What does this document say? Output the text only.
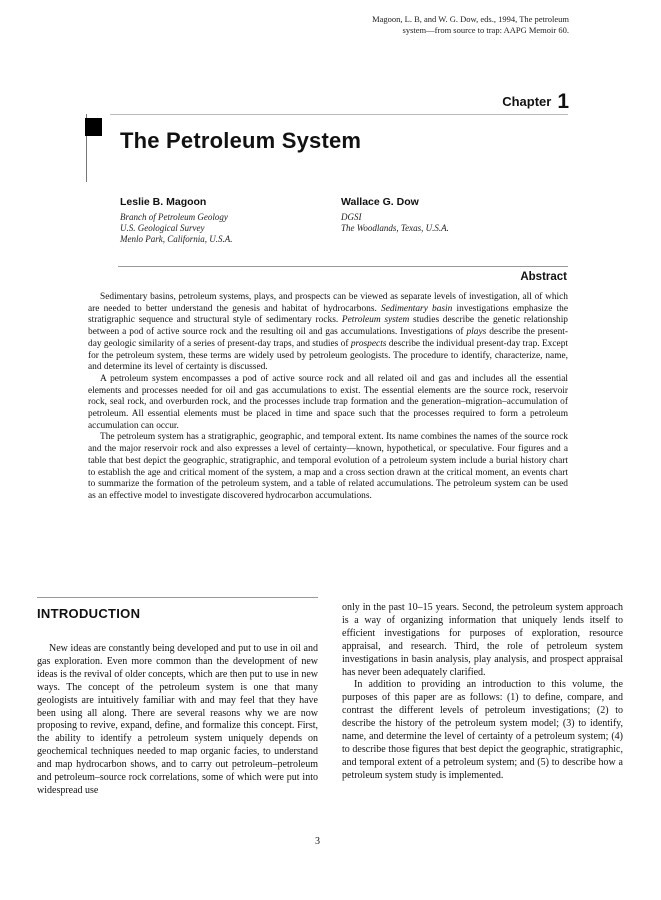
Magoon, L. B, and W. G. Dow, eds., 1994, The petroleum
system—from source to trap: AAPG Memoir 60.
Chapter 1
The Petroleum System
Leslie B. Magoon
Branch of Petroleum Geology
U.S. Geological Survey
Menlo Park, California, U.S.A.
Wallace G. Dow
DGSI
The Woodlands, Texas, U.S.A.
Abstract

Sedimentary basins, petroleum systems, plays, and prospects can be viewed as separate levels of investigation, all of which are needed to better understand the genesis and habitat of hydrocarbons. Sedimentary basin investigations emphasize the stratigraphic sequence and structural style of sedimentary rocks. Petroleum system studies describe the genetic relationship between a pod of active source rock and the resulting oil and gas accumulations. Investigations of plays describe the present-day geologic similarity of a series of present-day traps, and studies of prospects describe the individual present-day trap. Except for the petroleum system, these terms are widely used by petroleum geologists. The procedure to identify, characterize, name, and determine its level of certainty is discussed.

A petroleum system encompasses a pod of active source rock and all related oil and gas and includes all the essential elements and processes needed for oil and gas accumulations to exist. The essential elements are the source rock, reservoir rock, seal rock, and overburden rock, and the processes include trap formation and the generation–migration–accumulation of petroleum. All essential elements must be placed in time and space such that the processes required to form a petroleum accumulation can occur.

The petroleum system has a stratigraphic, geographic, and temporal extent. Its name combines the names of the source rock and the major reservoir rock and also expresses a level of certainty—known, hypothetical, or speculative. Four figures and a table that best depict the geographic, stratigraphic, and temporal evolution of a petroleum system include a burial history chart to establish the age and critical moment of the system, a map and a cross section drawn at the critical moment, an events chart to summarize the formation of the petroleum system, and a table of related accumulations. The petroleum system can be used as an effective model to investigate discovered hydrocarbon accumulations.

INTRODUCTION

New ideas are constantly being developed and put to use in oil and gas exploration. Even more common than the development of new ideas is the revival of older concepts, which are then put to use in new ways. The concept of the petroleum system is one that many geologists are intuitively familiar with and may feel that they have been using all along. There are several reasons why we are now proposing to revive, expand, define, and formalize this concept. First, the ability to identify a petroleum system uniquely depends on geochemical techniques needed to map organic facies, to understand and map hydrocarbon shows, and to carry out petroleum–petroleum and petroleum–source rock correlations, some of which were put into widespread use

only in the past 10–15 years. Second, the petroleum system approach is a way of organizing information that uniquely lends itself to efficient investigations for purposes of exploration, resource appraisal, and research. Third, the role of petroleum system investigations in basin analysis, play analysis, and prospect appraisal has never been adequately clarified.

In addition to providing an introduction to this volume, the purposes of this paper are as follows: (1) to define, compare, and contrast the different levels of petroleum investigations; (2) to describe the history of the petroleum system model; (3) to identify, name, and determine the level of certainty of a petroleum system; (4) to describe those figures that best depict the geographic, stratigraphic, and temporal extent of a petroleum system; and (5) to describe how a petroleum system study is implemented.

3
